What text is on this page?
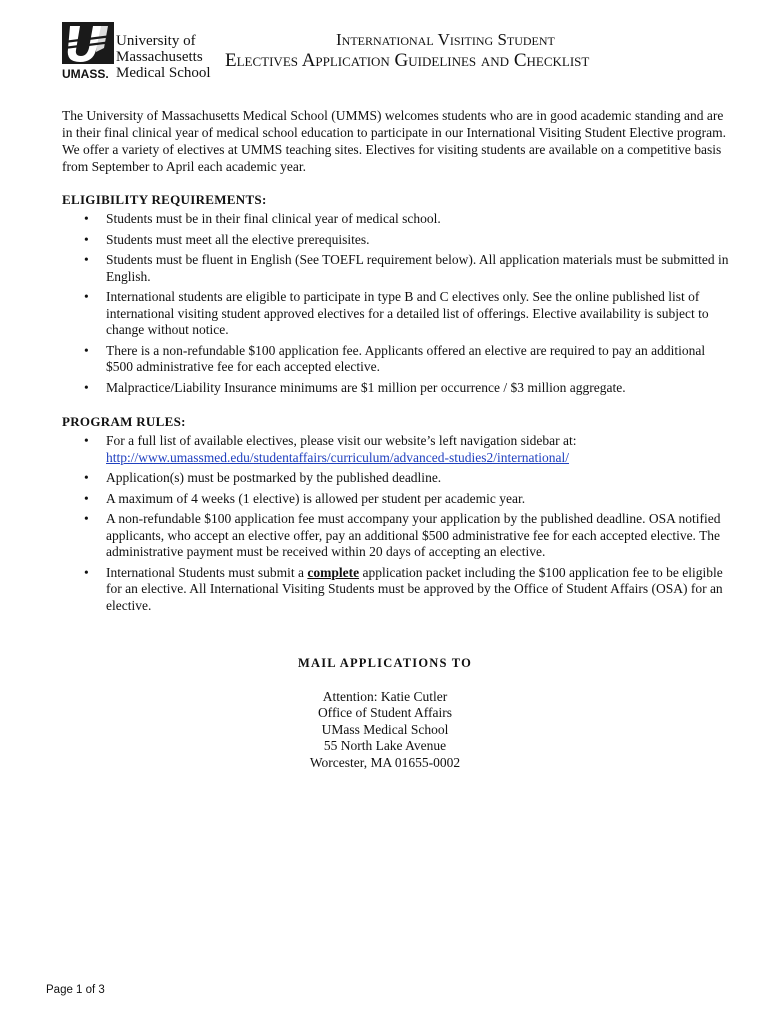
University of
Massachusetts
UMASS. Medical School
International Visiting Student
Electives Application Guidelines and Checklist
The University of Massachusetts Medical School (UMMS) welcomes students who are in good academic standing and are in their final clinical year of medical school education to participate in our International Visiting Student Elective program. We offer a variety of electives at UMMS teaching sites. Electives for visiting students are available on a competitive basis from September to April each academic year.
ELIGIBILITY REQUIREMENTS:
• Students must be in their final clinical year of medical school.
• Students must meet all the elective prerequisites.
• Students must be fluent in English (See TOEFL requirement below). All application materials must be submitted in English.
• International students are eligible to participate in type B and C electives only. See the online published list of international visiting student approved electives for a detailed list of offerings. Elective availability is subject to change without notice.
• There is a non-refundable $100 application fee. Applicants offered an elective are required to pay an additional $500 administrative fee for each accepted elective.
• Malpractice/Liability Insurance minimums are $1 million per occurrence / $3 million aggregate.
PROGRAM RULES:
• For a full list of available electives, please visit our website’s left navigation sidebar at:
http://www.umassmed.edu/studentaffairs/curriculum/advanced-studies2/international/
• Application(s) must be postmarked by the published deadline.
• A maximum of 4 weeks (1 elective) is allowed per student per academic year.
• A non-refundable $100 application fee must accompany your application by the published deadline. OSA notified applicants, who accept an elective offer, pay an additional $500 administrative fee for each accepted elective. The administrative payment must be received within 20 days of accepting an elective.
• International Students must submit a complete application packet including the $100 application fee to be eligible for an elective. All International Visiting Students must be approved by the Office of Student Affairs (OSA) for an elective.
MAIL APPLICATIONS TO
Attention: Katie Cutler
Office of Student Affairs
UMass Medical School
55 North Lake Avenue
Worcester, MA 01655-0002
Page 1 of 3
